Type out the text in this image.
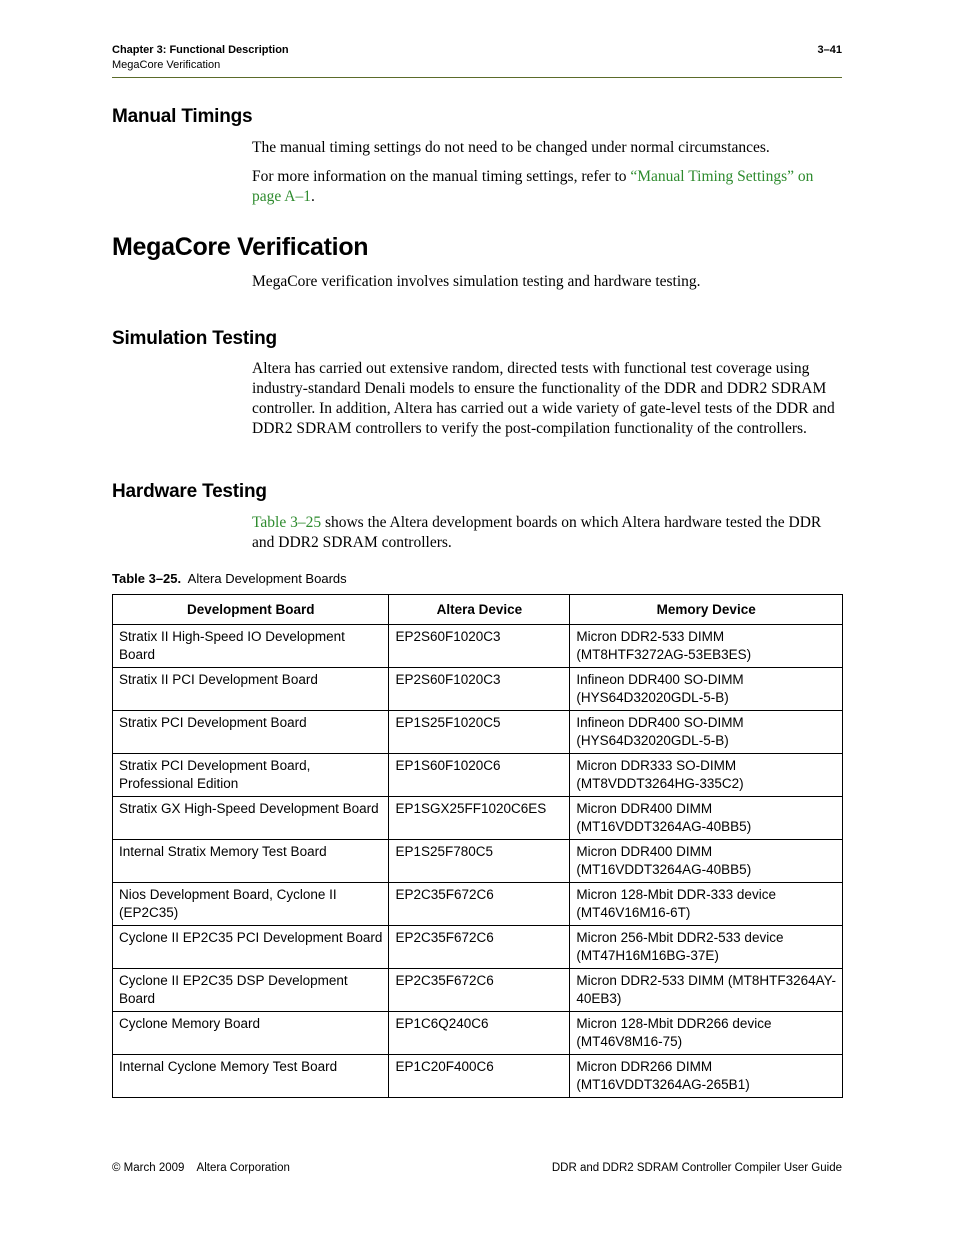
Chapter 3: Functional Description
MegaCore Verification
3–41
Manual Timings

The manual timing settings do not need to be changed under normal circumstances.

For more information on the manual timing settings, refer to “Manual Timing Settings” on page A–1.

MegaCore Verification

MegaCore verification involves simulation testing and hardware testing.

Simulation Testing

Altera has carried out extensive random, directed tests with functional test coverage using industry-standard Denali models to ensure the functionality of the DDR and DDR2 SDRAM controller. In addition, Altera has carried out a wide variety of gate-level tests of the DDR and DDR2 SDRAM controllers to verify the post-compilation functionality of the controllers.

Hardware Testing

Table 3–25 shows the Altera development boards on which Altera hardware tested the DDR and DDR2 SDRAM controllers.

Table 3–25. Altera Development Boards
Development Board	Altera Device	Memory Device
Stratix II High-Speed IO Development Board	EP2S60F1020C3	Micron DDR2-533 DIMM (MT8HTF3272AG-53EB3ES)
Stratix II PCI Development Board	EP2S60F1020C3	Infineon DDR400 SO-DIMM (HYS64D32020GDL-5-B)
Stratix PCI Development Board	EP1S25F1020C5	Infineon DDR400 SO-DIMM (HYS64D32020GDL-5-B)
Stratix PCI Development Board, Professional Edition	EP1S60F1020C6	Micron DDR333 SO-DIMM (MT8VDDT3264HG-335C2)
Stratix GX High-Speed Development Board	EP1SGX25FF1020C6ES	Micron DDR400 DIMM (MT16VDDT3264AG-40BB5)
Internal Stratix Memory Test Board	EP1S25F780C5	Micron DDR400 DIMM (MT16VDDT3264AG-40BB5)
Nios Development Board, Cyclone II (EP2C35)	EP2C35F672C6	Micron 128-Mbit DDR-333 device (MT46V16M16-6T)
Cyclone II EP2C35 PCI Development Board	EP2C35F672C6	Micron 256-Mbit DDR2-533 device (MT47H16M16BG-37E)
Cyclone II EP2C35 DSP Development Board	EP2C35F672C6	Micron DDR2-533 DIMM (MT8HTF3264AY-40EB3)
Cyclone Memory Board	EP1C6Q240C6	Micron 128-Mbit DDR266 device (MT46V8M16-75)
Internal Cyclone Memory Test Board	EP1C20F400C6	Micron DDR266 DIMM (MT16VDDT3264AG-265B1)
© March 2009    Altera Corporation	DDR and DDR2 SDRAM Controller Compiler User Guide
